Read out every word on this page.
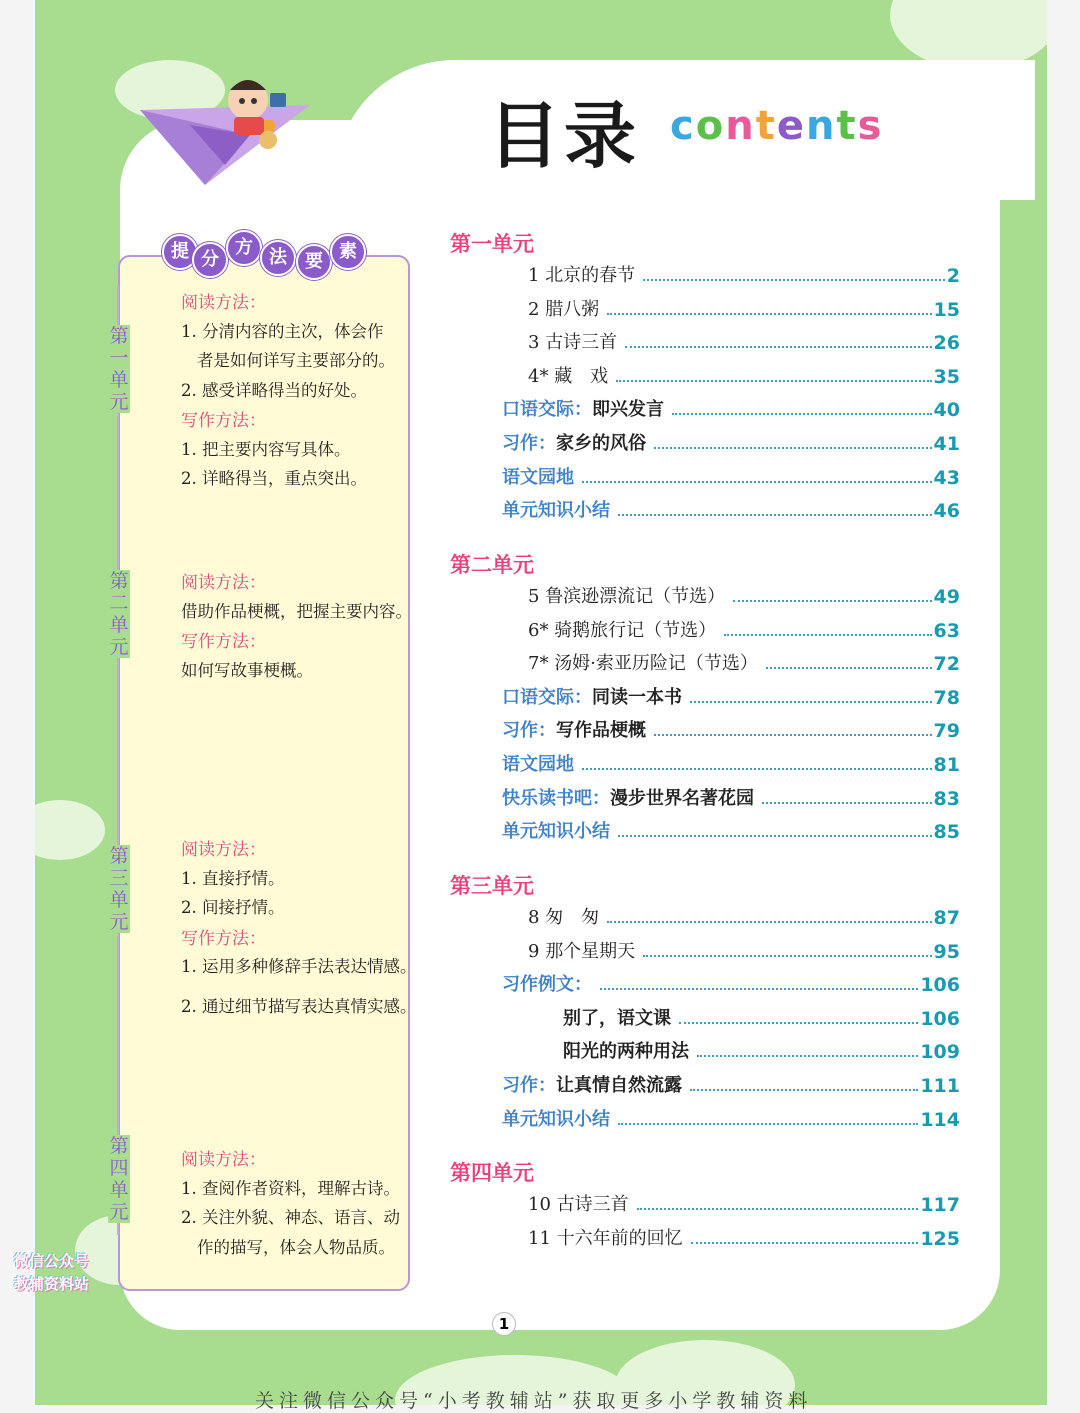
目录 contents
提 分
方 法	要 素
第
一
单
元
阅读方法：
1. 分清内容的主次，体会作
者是如何详写主要部分的。
2. 感受详略得当的好处。
写作方法：
1. 把主要内容写具体。
2. 详略得当，重点突出。
第
二
单
元
阅读方法：
借助作品梗概，把握主要内容。
写作方法：
如何写故事梗概。
第
三
单
元
阅读方法：
1. 直接抒情。
2. 间接抒情。
写作方法：
1. 运用多种修辞手法表达情感。
2. 通过细节描写表达真情实感。
第
四
单
元
阅读方法：
1. 查阅作者资料，理解古诗。
2. 关注外貌、神态、语言、动
作的描写，体会人物品质。
第一单元
1 北京的春节	2
2 腊八粥	15
3 古诗三首	26
4* 藏　戏	35
口语交际：即兴发言	40
习作：家乡的风俗	41
语文园地	43
单元知识小结	46
第二单元
5 鲁滨逊漂流记（节选）	49
6* 骑鹅旅行记（节选）	63
7* 汤姆·索亚历险记（节选）	72
口语交际：同读一本书	78
习作：写作品梗概	79
语文园地	81
快乐读书吧：漫步世界名著花园	83
单元知识小结	85
第三单元
8 匆　匆	87
9 那个星期天	95
习作例文：	106
别了，语文课	106
阳光的两种用法	109
习作：让真情自然流露	111
单元知识小结	114
第四单元
10 古诗三首	117
11 十六年前的回忆	125
1
微信公众号
教辅资料站
关注微信公众号“小考教辅站”获取更多小学教辅资料
